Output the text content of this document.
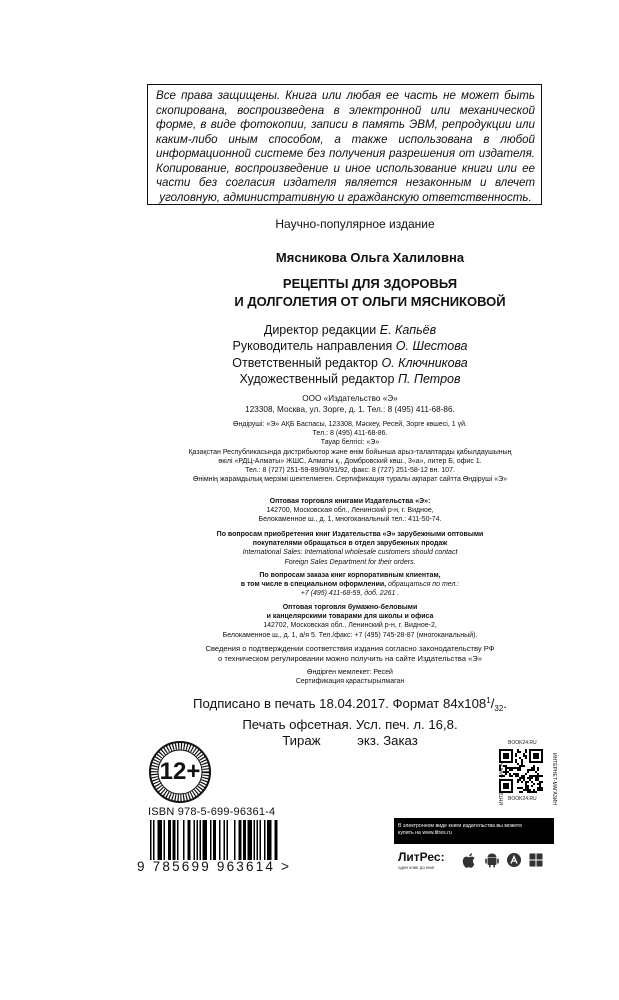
Все права защищены. Книга или любая ее часть не может быть скопирована, воспроизведена в электронной или механической форме, в виде фотокопии, записи в память ЭВМ, репродукции или каким-либо иным способом, а также использована в любой информационной системе без получения разрешения от издателя. Копирование, воспроизведение и иное использование книги или ее части без согласия издателя является незаконным и влечет уголовную, административную и гражданскую ответственность.

Научно-популярное издание
Мясникова Ольга Халиловна
РЕЦЕПТЫ ДЛЯ ЗДОРОВЬЯ
И ДОЛГОЛЕТИЯ ОТ ОЛЬГИ МЯСНИКОВОЙ
Директор редакции Е. Капьёв
Руководитель направления О. Шестова
Ответственный редактор О. Ключникова
Художественный редактор П. Петров
ООО «Издательство «Э»
123308, Москва, ул. Зорге, д. 1. Тел.: 8 (495) 411-68-86.
Өндіруші: «Э» АҚБ Баспасы, 123308, Мәскеу, Ресей, Зорге көшесі, 1 үй.
Тел.: 8 (495) 411-68-86.
Тауар белгісі: «Э»
Қазақстан Республикасында дистрибьютор және өнім бойынша арыз-талаптарды қабылдаушының
өкілі «РДЦ-Алматы» ЖШС, Алматы қ., Домбровский көш., 3«а», литер Б, офис 1.
Тел.: 8 (727) 251-59-89/90/91/92, факс: 8 (727) 251-58-12 вн. 107.
Өнімнің жарамдылық мерзімі шектелмеген. Сертификация туралы ақпарат сайтта Өндіруші «Э»
Оптовая торговля книгами Издательства «Э»:
142700, Московская обл., Ленинский р-н, г. Видное,
Белокаменное ш., д. 1, многоканальный тел.: 411-50-74.
По вопросам приобретения книг Издательства «Э» зарубежными оптовыми
покупателями обращаться в отдел зарубежных продаж
International Sales: International wholesale customers should contact
Foreign Sales Department for their orders.
По вопросам заказа книг корпоративным клиентам,
в том числе в специальном оформлении, обращаться по тел.:
+7 (495) 411-68-59, доб. 2261 .
Оптовая торговля бумажно-беловыми
и канцелярскими товарами для школы и офиса
142702, Московская обл., Ленинский р-н, г. Видное-2,
Белокаменное ш., д. 1, а/я 5. Тел./факс: +7 (495) 745-28-87 (многоканальный).
Сведения о подтверждении соответствия издания согласно законодательству РФ
о техническом регулировании можно получить на сайте Издательства «Э»
Өндірген мемлекет: Ресей
Сертификация қарастырылмаган
Подписано в печать 18.04.2017. Формат $84х108^1/_{32}$.
Печать офсетная. Усл. печ. л. 16,8.
Тираж          экз. Заказ
12+
ISBN 978-5-699-96361-4
9 785699 963614 >
BOOK24.RU
ИНТЕРНЕТ-МАГАЗИН
BOOK24.RU
В электронном виде книги издательства вы можете
купить на www.litres.ru
ЛитРес:
один клик до книг
